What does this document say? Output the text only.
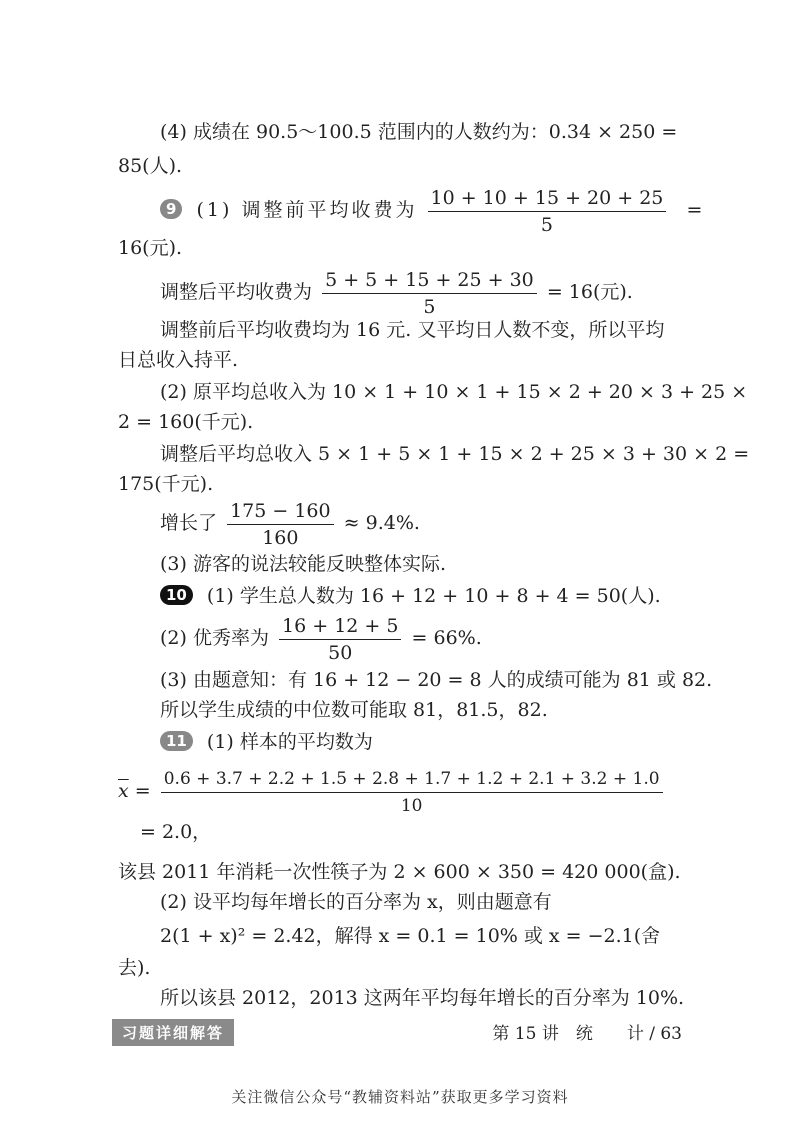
(4) 成绩在 90.5～100.5 范围内的人数约为：0.34 × 250 =
85(人).
9 (1) 调整前平均收费为 $\frac{10 + 10 + 15 + 20 + 25}{5}$ =
16(元).
调整后平均收费为 $\frac{5 + 5 + 15 + 25 + 30}{5} = 16$(元).
调整前后平均收费均为 16 元. 又平均日人数不变，所以平均
日总收入持平.
(2) 原平均总收入为 10 × 1 + 10 × 1 + 15 × 2 + 20 × 3 + 25 ×
2 = 160(千元).
调整后平均总收入 5 × 1 + 5 × 1 + 15 × 2 + 25 × 3 + 30 × 2 =
175(千元).
增长了 $\frac{175 - 160}{160} \approx 9.4\%$.
(3) 游客的说法较能反映整体实际.
10 (1) 学生总人数为 16 + 12 + 10 + 8 + 4 = 50(人).
(2) 优秀率为 $\frac{16 + 12 + 5}{50} = 66\%$.
(3) 由题意知：有 16 + 12 − 20 = 8 人的成绩可能为 81 或 82.
所以学生成绩的中位数可能取 81，81.5，82.
11 (1) 样本的平均数为
$\overline{x} = \frac{0.6 + 3.7 + 2.2 + 1.5 + 2.8 + 1.7 + 1.2 + 2.1 + 3.2 + 1.0}{10}$
= 2.0，
该县 2011 年消耗一次性筷子为 2 × 600 × 350 = 420 000(盒).
(2) 设平均每年增长的百分率为 x，则由题意有
2(1 + x)² = 2.42，解得 x = 0.1 = 10% 或 x = −2.1(舍
去).
所以该县 2012，2013 这两年平均每年增长的百分率为 10%.
习题详细解答	第 15 讲　统　　计 / 63
关注微信公众号“教辅资料站”获取更多学习资料
